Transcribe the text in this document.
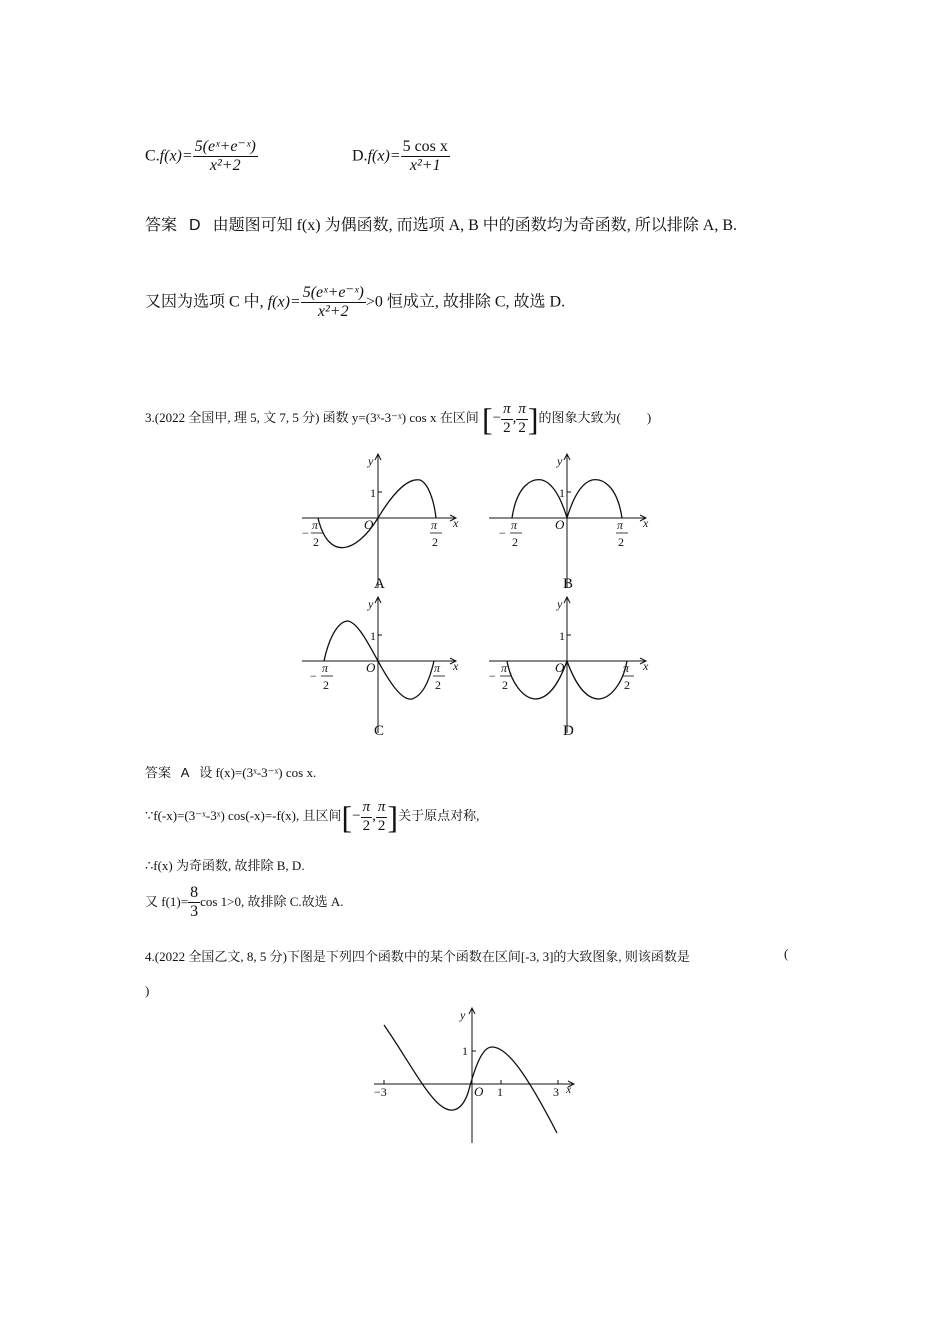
$C.f(x)= \frac{\text{5(eˣ+e⁻ˣ)}}{\text{x²+2}}$	$D.f(x)= \frac{\text{5 cos x}}{\text{x²+1}}$
答案 D 由题图可知 f(x) 为偶函数, 而选项 A, B 中的函数均为奇函数, 所以排除 A, B.
又因为选项 C 中, $f(x)= \frac{\text{5(eˣ+e⁻ˣ)}}{\text{x²+2}} >0$ 恒成立, 故排除 C, 故选 D.
3.(2022 全国甲, 理 5, 文 7, 5 分) 函数 y=(3ˣ-3⁻ˣ) cos x 在区间 [− $\frac{\pi}{2}$ , $\frac{\pi}{2}$ ]的图象大致为(  )
y
x
O
1
−
π
2
π
2
A
y
x
O
1
−
π
2
π
2
B
y
x
O
1
−
π
2
π
2
C
y
x
O
1
−
π
2
π
2
D
答案 A 设 f(x)=(3ˣ-3⁻ˣ) cos x.
∵f(-x)=(3⁻ˣ-3ˣ) cos(-x)=-f(x), 且区间[− $\frac{\pi}{2}$ , $\frac{\pi}{2}$ ]关于原点对称,
∴f(x) 为奇函数, 故排除 B, D.
又 $f(1)= \frac{8}{3}$ cos 1>0, 故排除 C.故选 A.
4.(2022 全国乙文, 8, 5 分)下图是下列四个函数中的某个函数在区间[-3, 3]的大致图象, 则该函数是	(
)
y
x
O
1
1
−3	3
